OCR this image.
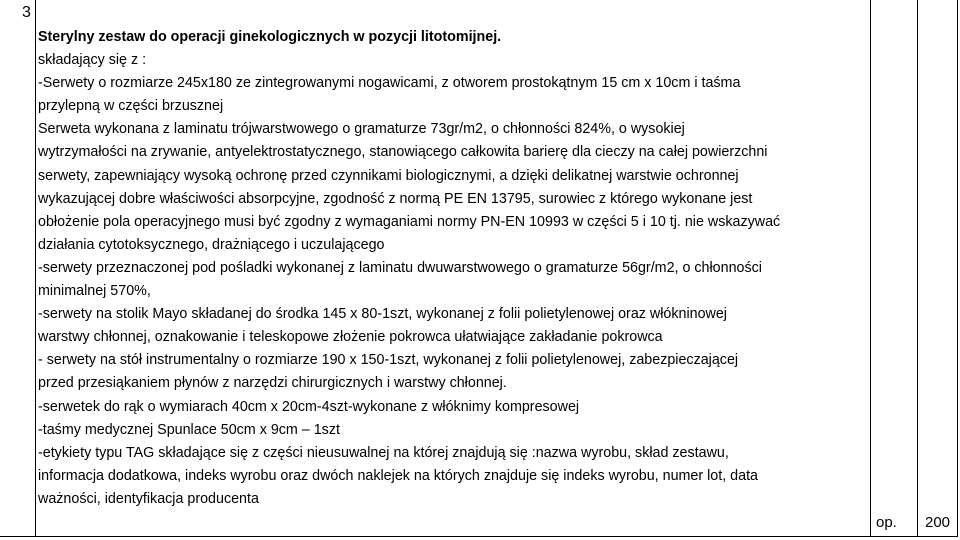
3
Sterylny zestaw do operacji ginekologicznych w pozycji litotomijnej.
składający się z :
-Serwety o rozmiarze 245x180 ze zintegrowanymi nogawicami, z otworem prostokątnym 15 cm x 10cm i taśma
przylepną w części brzusznej
Serweta wykonana z laminatu trójwarstwowego o gramaturze 73gr/m2, o chłonności 824%, o wysokiej
wytrzymałości na zrywanie, antyelektrostatycznego, stanowiącego całkowita barierę dla cieczy na całej powierzchni
serwety, zapewniający wysoką ochronę przed czynnikami biologicznymi, a dzięki delikatnej warstwie ochronnej
wykazującej dobre właściwości absorpcyjne, zgodność z normą PE EN 13795, surowiec z którego wykonane jest
obłożenie pola operacyjnego musi być zgodny z wymaganiami normy PN-EN 10993 w części 5 i 10 tj. nie wskazywać
działania cytotoksycznego, drażniącego i uczulającego
-serwety przeznaczonej pod pośladki wykonanej z laminatu dwuwarstwowego o gramaturze 56gr/m2, o chłonności
minimalnej 570%,
-serwety na stolik Mayo składanej do środka 145 x 80-1szt, wykonanej z folii polietylenowej oraz włókninowej
warstwy chłonnej, oznakowanie i teleskopowe złożenie pokrowca ułatwiające zakładanie pokrowca
- serwety na stół instrumentalny o rozmiarze 190 x 150-1szt, wykonanej z folii polietylenowej, zabezpieczającej
przed przesiąkaniem płynów z narzędzi chirurgicznych i warstwy chłonnej.
-serwetek do rąk o wymiarach 40cm x 20cm-4szt-wykonane z włóknimy kompresowej
-taśmy medycznej Spunlace 50cm x 9cm – 1szt
-etykiety typu TAG składające się z części nieusuwalnej na której znajdują się :nazwa wyrobu, skład zestawu,
informacja dodatkowa, indeks wyrobu oraz dwóch naklejek na których znajduje się indeks wyrobu, numer lot, data
ważności, identyfikacja producenta
op. 200
